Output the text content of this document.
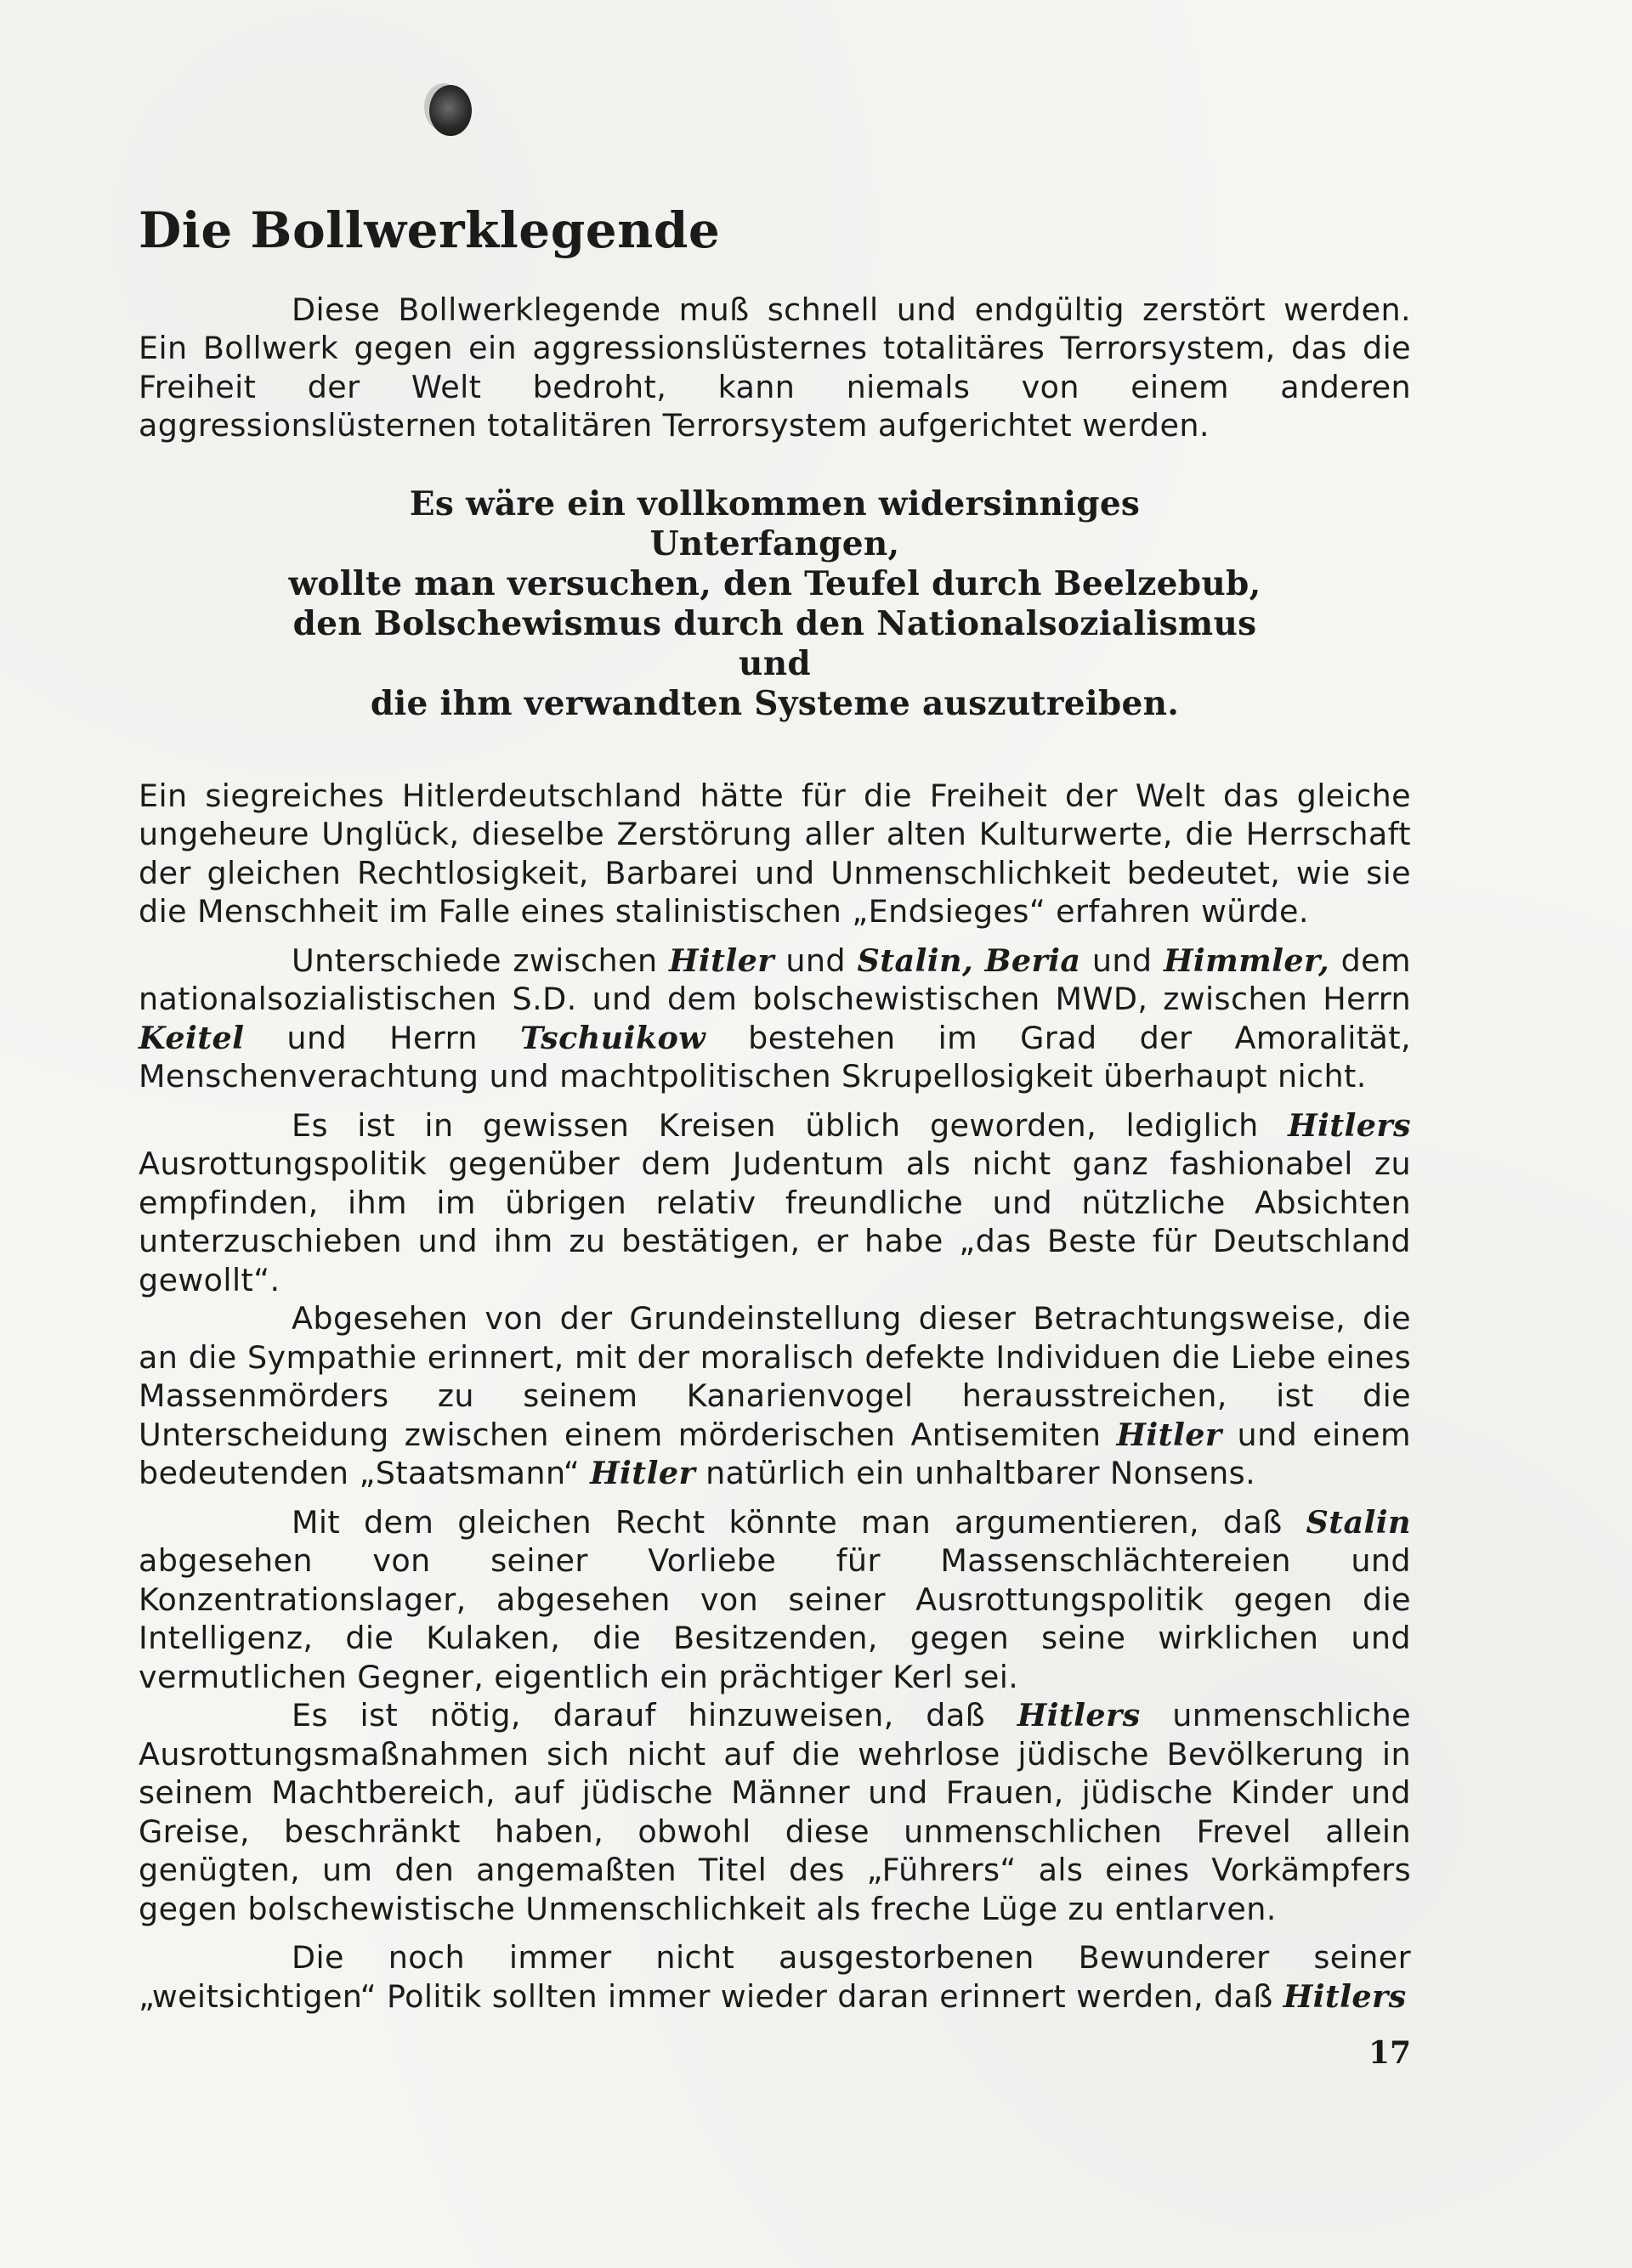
Die Bollwerklegende

Diese Bollwerklegende muß schnell und endgültig zerstört werden. Ein Bollwerk gegen ein aggressionslüsternes totalitäres Terrorsystem, das die Freiheit der Welt bedroht, kann niemals von einem anderen aggressionslüsternen totalitären Terrorsystem aufgerichtet werden.

Es wäre ein vollkommen widersinniges Unterfangen,
wollte man versuchen, den Teufel durch Beelzebub,
den Bolschewismus durch den Nationalsozialismus und
die ihm verwandten Systeme auszutreiben.

Ein siegreiches Hitlerdeutschland hätte für die Freiheit der Welt das gleiche ungeheure Unglück, dieselbe Zerstörung aller alten Kulturwerte, die Herrschaft der gleichen Rechtlosigkeit, Barbarei und Unmenschlichkeit bedeutet, wie sie die Menschheit im Falle eines stalinistischen „Endsieges“ erfahren würde.

Unterschiede zwischen Hitler und Stalin, Beria und Himmler, dem nationalsozialistischen S.D. und dem bolschewistischen MWD, zwischen Herrn Keitel und Herrn Tschuikow bestehen im Grad der Amoralität, Menschenverachtung und machtpolitischen Skrupellosigkeit überhaupt nicht.

Es ist in gewissen Kreisen üblich geworden, lediglich Hitlers Ausrottungspolitik gegenüber dem Judentum als nicht ganz fashionabel zu empfinden, ihm im übrigen relativ freundliche und nützliche Absichten unterzuschieben und ihm zu bestätigen, er habe „das Beste für Deutschland gewollt“.

Abgesehen von der Grundeinstellung dieser Betrachtungsweise, die an die Sympathie erinnert, mit der moralisch defekte Individuen die Liebe eines Massenmörders zu seinem Kanarienvogel herausstreichen, ist die Unterscheidung zwischen einem mörderischen Antisemiten Hitler und einem bedeutenden „Staatsmann“ Hitler natürlich ein unhaltbarer Nonsens.

Mit dem gleichen Recht könnte man argumentieren, daß Stalin abgesehen von seiner Vorliebe für Massenschlächtereien und Konzentrationslager, abgesehen von seiner Ausrottungspolitik gegen die Intelligenz, die Kulaken, die Besitzenden, gegen seine wirklichen und vermutlichen Gegner, eigentlich ein prächtiger Kerl sei.

Es ist nötig, darauf hinzuweisen, daß Hitlers unmenschliche Ausrottungsmaßnahmen sich nicht auf die wehrlose jüdische Bevölkerung in seinem Machtbereich, auf jüdische Männer und Frauen, jüdische Kinder und Greise, beschränkt haben, obwohl diese unmenschlichen Frevel allein genügten, um den angemaßten Titel des „Führers“ als eines Vorkämpfers gegen bolschewistische Unmenschlichkeit als freche Lüge zu entlarven.

Die noch immer nicht ausgestorbenen Bewunderer seiner „weitsichtigen“ Politik sollten immer wieder daran erinnert werden, daß Hitlers

17
